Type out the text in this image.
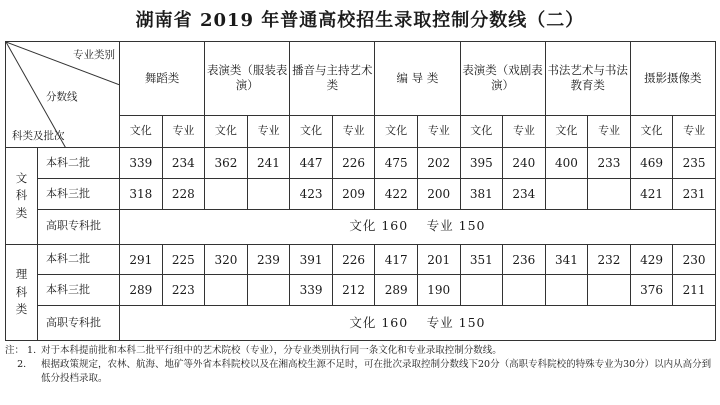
湖南省 2019 年普通高校招生录取控制分数线（二）
专业类别
分数线
科类及批次		舞蹈类		表演类（服装表演）		播音与主持艺术类		编 导 类		表演类（戏剧表演）		书法艺术与书法教育类		摄影摄像类	
		文化	专业	文化	专业	文化	专业	文化	专业	文化	专业	文化	专业	文化	专业

文
科
类	本科二批	339	234	362	241	447	226	475	202	395	240	400	233	469	235
	本科三批	318	228			423	209	422	200	381	234			421	231
	高职专科批	文化 160　 专业 150													

理
科
类	本科二批	291	225	320	239	391	226	417	201	351	236	341	232	429	230
	本科三批	289	223			339	212	289	190					376	211
	高职专科批	文化 160　 专业 150													
注： 1. 对于本科提前批和本科二批平行组中的艺术院校（专业），分专业类别执行同一条文化和专业录取控制分数线。
2.	根据政策规定，农林、航海、地矿等外省本科院校以及在湘高校生源不足时，可在批次录取控制分数线下20分（高职专科院校的特殊专业为30分）以内从高分到低分投档录取。
